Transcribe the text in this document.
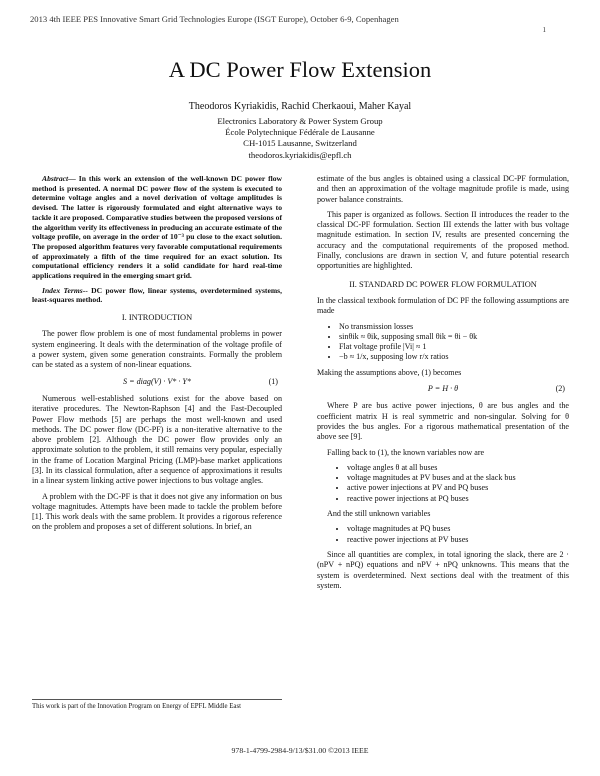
2013 4th IEEE PES Innovative Smart Grid Technologies Europe (ISGT Europe), October 6-9, Copenhagen
1
A DC Power Flow Extension
Theodoros Kyriakidis, Rachid Cherkaoui, Maher Kayal
Electronics Laboratory & Power System Group
École Polytechnique Fédérale de Lausanne
CH-1015 Lausanne, Switzerland
theodoros.kyriakidis@epfl.ch

Abstract— In this work an extension of the well-known DC power flow method is presented. A normal DC power flow of the system is executed to determine voltage angles and a novel derivation of voltage amplitudes is devised. The latter is rigorously formulated and eight alternative ways to tackle it are proposed. Comparative studies between the proposed versions of the algorithm verify its effectiveness in producing an accurate estimate of the voltage profile, on average in the order of 10⁻³ pu close to the exact solution. The proposed algorithm features very favorable computational requirements of approximately a fifth of the time required for an exact solution. Its computational efficiency renders it a solid candidate for hard real-time applications required in the emerging smart grid.

Index Terms-- DC power flow, linear systems, overdetermined systems, least-squares method.

I. INTRODUCTION

The power flow problem is one of most fundamental problems in power system engineering. It deals with the determination of the voltage profile of a power system, given some generation constraints. Formally the problem can be stated as a system of non-linear equations.

S = diag(V) · V* · Y*	(1)

Numerous well-established solutions exist for the above based on iterative procedures. The Newton-Raphson [4] and the Fast-Decoupled Power Flow methods [5] are perhaps the most well-known and used methods. The DC power flow (DC-PF) is a non-iterative alternative to the above problem [2]. Although the DC power flow provides only an approximate solution to the problem, it still remains very popular, especially in the frame of Location Marginal Pricing (LMP)-base market applications [3]. In its classical formulation, after a sequence of approximations it results in a linear system linking active power injections to bus voltage angles.

A problem with the DC-PF is that it does not give any information on bus voltage magnitudes. Attempts have been made to tackle the problem before [1]. This work deals with the same problem. It provides a rigorous reference on the problem and proposes a set of different solutions. In brief, an

This work is part of the Innovation Program on Energy of EPFL Middle East

estimate of the bus angles is obtained using a classical DC-PF formulation, and then an approximation of the voltage magnitude profile is made, using power balance constraints.

This paper is organized as follows. Section II introduces the reader to the classical DC-PF formulation. Section III extends the latter with bus voltage magnitude estimation. In section IV, results are presented concerning the accuracy and the computational requirements of the proposed method. Finally, conclusions are drawn in section V, and future potential research opportunities are highlighted.

II. STANDARD DC POWER FLOW FORMULATION

In the classical textbook formulation of DC PF the following assumptions are made

• No transmission losses
• sinθik ≈ θik, supposing small θik = θi − θk
• Flat voltage profile |Vi| ≈ 1
• −b ≈ 1/x, supposing low r/x ratios

Making the assumptions above, (1) becomes

P = H · θ	(2)

Where P are bus active power injections, θ are bus angles and the coefficient matrix H is real symmetric and non-singular. Solving for θ provides the bus angles. For a rigorous mathematical presentation of the above see [9].

Falling back to (1), the known variables now are

• voltage angles θ at all buses
• voltage magnitudes at PV buses and at the slack bus
• active power injections at PV and PQ buses
• reactive power injections at PQ buses

And the still unknown variables

• voltage magnitudes at PQ buses
• reactive power injections at PV buses

Since all quantities are complex, in total ignoring the slack, there are 2 · (nPV + nPQ) equations and nPV + nPQ unknowns. This means that the system is overdetermined. Next sections deal with the treatment of this system.

978-1-4799-2984-9/13/$31.00 ©2013 IEEE
